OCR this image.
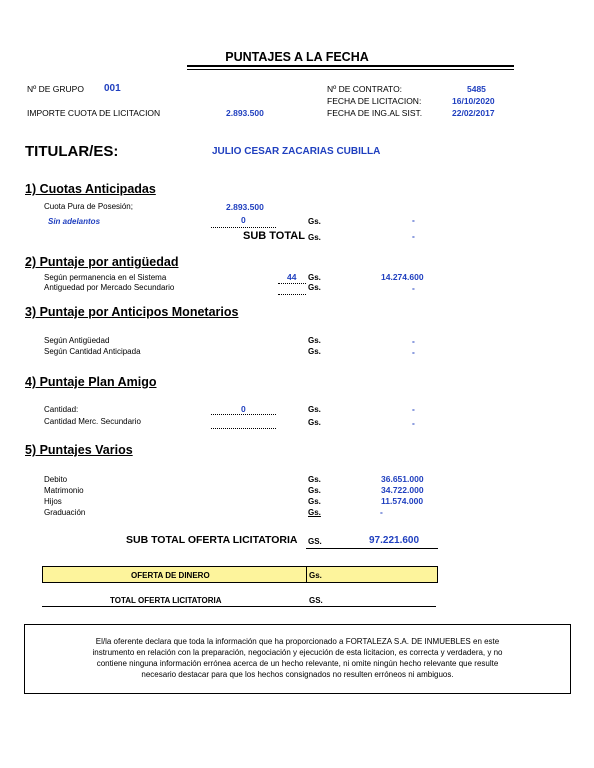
PUNTAJES A LA FECHA
Nº DE GRUPO 001
IMPORTE CUOTA DE LICITACION	2.893.500
Nº DE CONTRATO:	5485
FECHA DE LICITACION:	16/10/2020
FECHA DE ING.AL SIST.	22/02/2017
TITULAR/ES:	JULIO CESAR ZACARIAS CUBILLA
1) Cuotas Anticipadas
Cuota Pura de Posesión;	2.893.500
Sin adelantos	0	Gs.	-
SUB TOTAL Gs.	-
2) Puntaje por antigüedad
Según permanencia en el Sistema	44 Gs.	14.274.600
Antiguedad por Mercado Secundario	Gs.	-
3) Puntaje por Anticipos Monetarios
Según Antigüedad	Gs.	-
Según Cantidad Anticipada	Gs.	-
4) Puntaje Plan Amigo
Cantidad:	0	Gs.	-
Cantidad Merc. Secundario	Gs.	-
5) Puntajes Varios
Debito	Gs.	36.651.000
Matrimonio	Gs.	34.722.000
Hijos	Gs.	11.574.000
Graduación	Gs.	-
SUB TOTAL OFERTA LICITATORIA GS.	97.221.600
OFERTA DE DINERO	Gs.
TOTAL OFERTA LICITATORIA	GS.
El/la oferente declara que toda la información que ha proporcionado a FORTALEZA S.A. DE INMUEBLES en este
instrumento en relación con la preparación, negociación y ejecución de esta licitacion, es correcta y verdadera, y no
contiene ninguna información errónea acerca de un hecho relevante, ni omite ningún hecho relevante que resulte
necesario destacar para que los hechos consignados no resulten erróneos ni ambiguos.
